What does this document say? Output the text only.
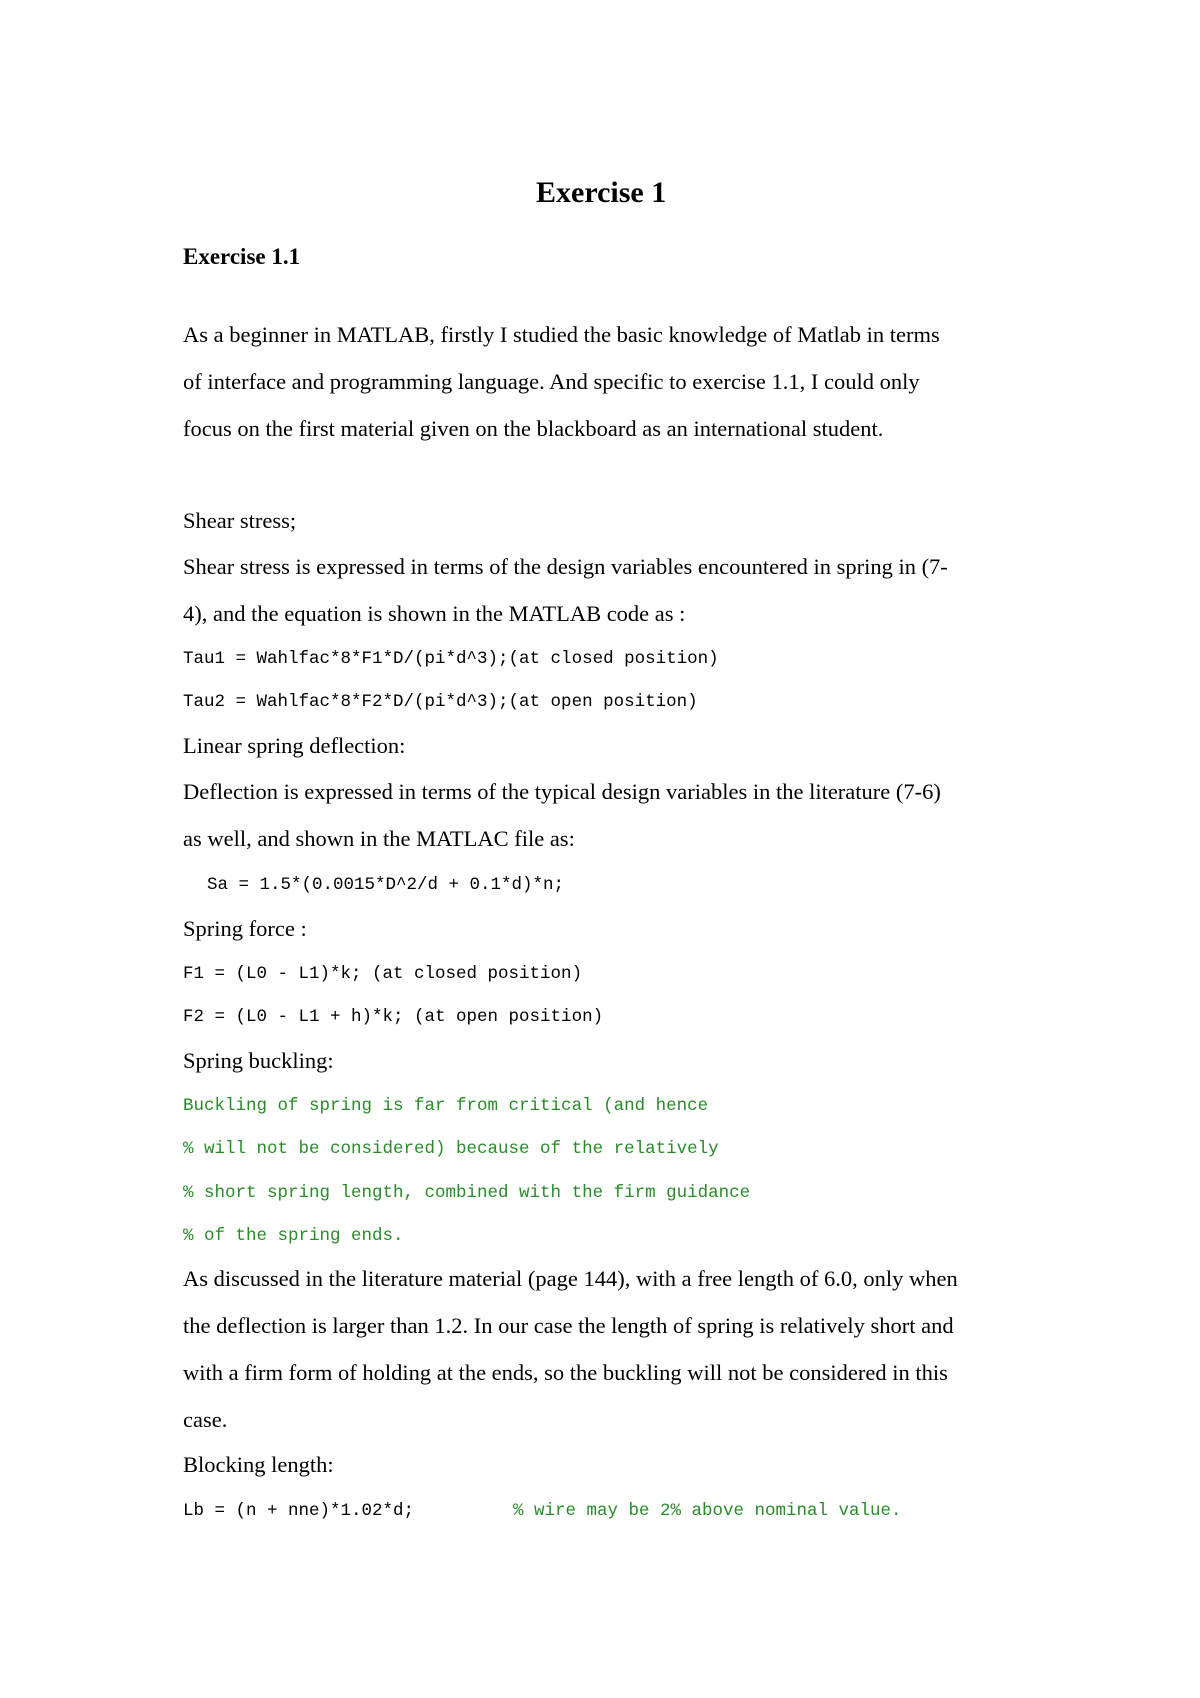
Exercise 1
Exercise 1.1
As a beginner in MATLAB, firstly I studied the basic knowledge of Matlab in terms
of interface and programming language. And specific to exercise 1.1, I could only
focus on the first material given on the blackboard as an international student.
Shear stress;
Shear stress is expressed in terms of the design variables encountered in spring in (7-
4), and the equation is shown in the MATLAB code as :
Tau1 = Wahlfac*8*F1*D/(pi*d^3);(at closed position)
Tau2 = Wahlfac*8*F2*D/(pi*d^3);(at open position)
Linear spring deflection:
Deflection is expressed in terms of the typical design variables in the literature (7-6)
as well, and shown in the MATLAC file as:
Sa = 1.5*(0.0015*D^2/d + 0.1*d)*n;
Spring force :
F1 = (L0 - L1)*k; (at closed position)
F2 = (L0 - L1 + h)*k; (at open position)
Spring buckling:
Buckling of spring is far from critical (and hence
% will not be considered) because of the relatively
% short spring length, combined with the firm guidance
% of the spring ends.
As discussed in the literature material (page 144), with a free length of 6.0, only when
the deflection is larger than 1.2. In our case the length of spring is relatively short and
with a firm form of holding at the ends, so the buckling will not be considered in this
case.
Blocking length:
Lb = (n + nne)*1.02*d;	% wire may be 2% above nominal value.
